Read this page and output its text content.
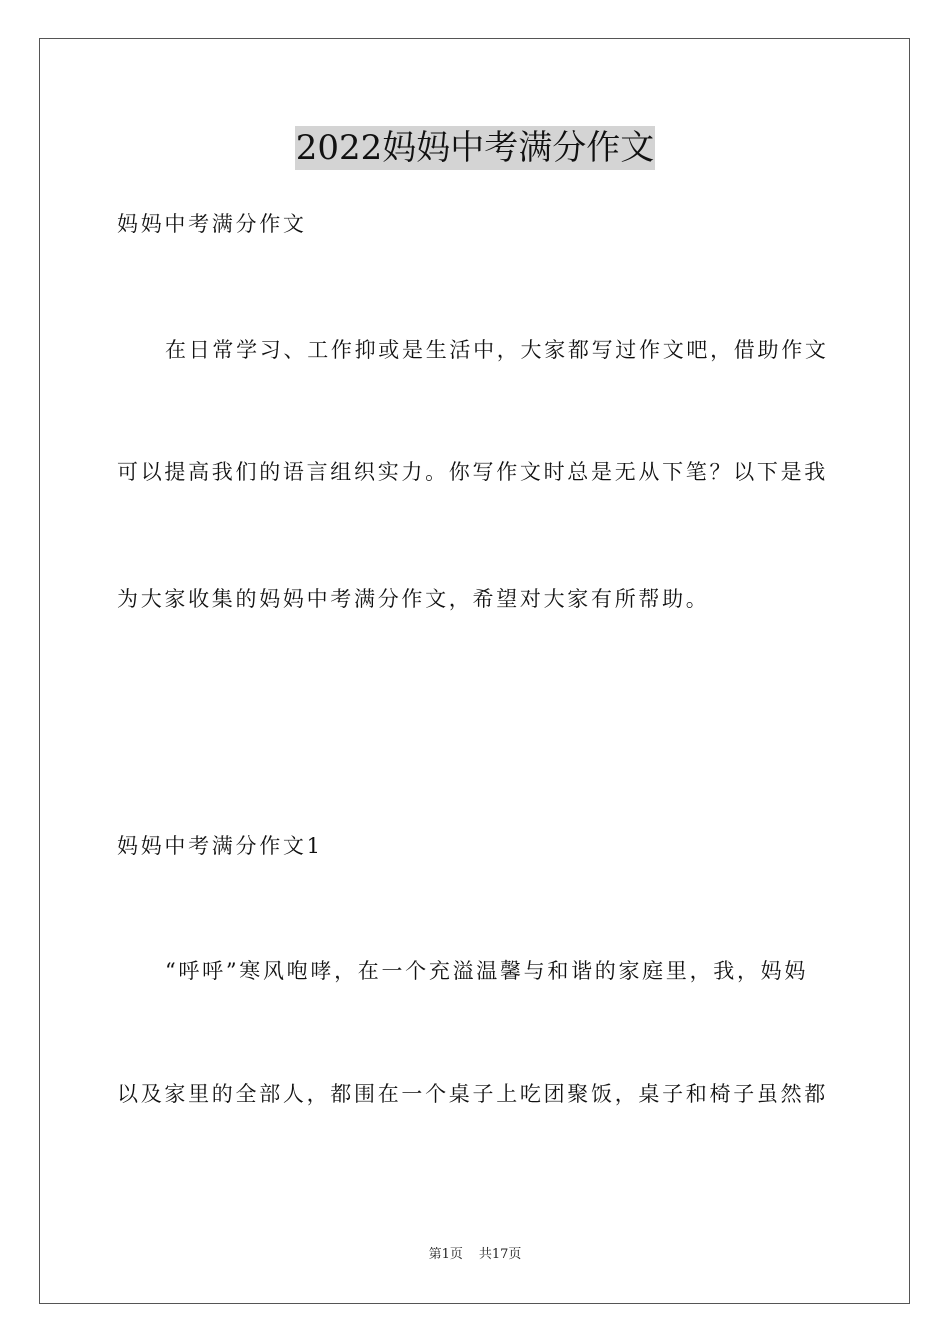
2022妈妈中考满分作文

妈妈中考满分作文

在日常学习、工作抑或是生活中，大家都写过作文吧，借助作文

可以提高我们的语言组织实力。你写作文时总是无从下笔？以下是我

为大家收集的妈妈中考满分作文，希望对大家有所帮助。

妈妈中考满分作文1

“呼呼”寒风咆哮，在一个充溢温馨与和谐的家庭里，我，妈妈

以及家里的全部人，都围在一个桌子上吃团聚饭，桌子和椅子虽然都

第1页 共17页
